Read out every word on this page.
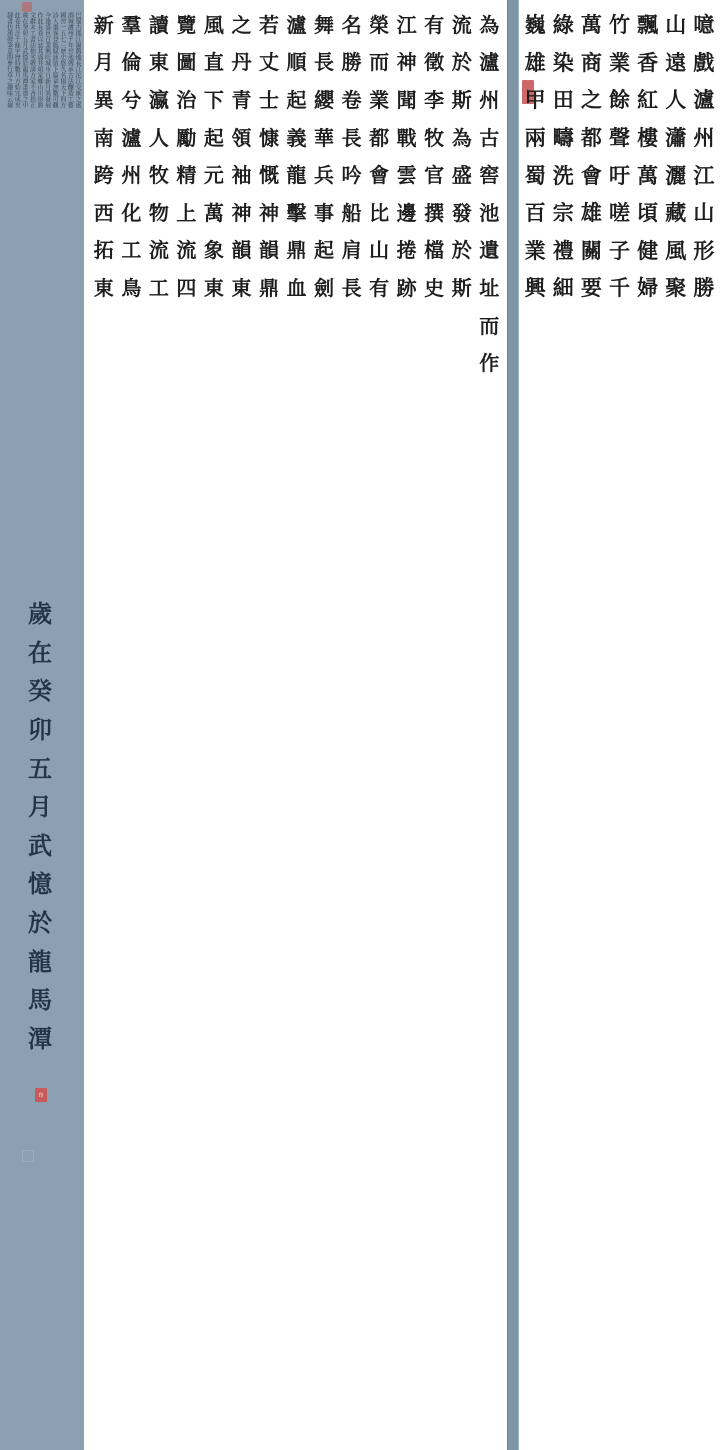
巴蜀古郡江陽舊地長江沱江交匯之處
酒城瀘州千年窖池傳承古法釀造工藝
國窖一五七三歷史悠久名揚天下四方
詩人墨客登臨賦詠留下篇章無數可觀
今逢盛世百業興旺城市日新月異發展
作此長卷以誌其盛并頌家鄉山川形勝
文辭未工書法拙劣敬請方家不吝指正
歲在癸卯五月武憶於龍馬潭書齋之中
此卷共計千餘字歷時數月方始完成矣
隸書仿漢碑筆意間參行草之趣味云爾
歲
在
癸
卯
五
月
武
憶
於
龍
馬
潭
印
為
瀘
州
古
窖
池
遺
址
而
作
流
於
斯
為
盛
發
於
斯
有
徵
李
牧
官
撰
檔
史
江
神
聞
戰
雲
邊
捲
跡
榮
而
業
都
會
比
山
有
名
勝
卷
長
吟
船
肩
長
舞
長
纓
華
兵
事
起
劍
瀘
順
起
義
龍
擊
鼎
血
若
丈
士
慷
慨
神
韻
鼎
之
丹
青
領
袖
神
韻
東
風
直
下
起
元
萬
象
東
覽
圖
治
勵
精
上
流
四
讀
東
瀛
人
牧
物
流
工
羣
倫
兮
瀘
州
化
工
鳥
新
月
異
南
跨
西
拓
東
噫
戲
瀘
州
江
山
形
勝
山
遠
人
瀟
灑
藏
風
聚
飄
香
紅
樓
萬
頃
健
婦
竹
業
餘
聲
吁
嗟
子
千
萬
商
之
都
會
雄
關
要
綠
染
田
疇
洗
宗
禮
細
巍
雄
甲
兩
蜀
百
業
興
